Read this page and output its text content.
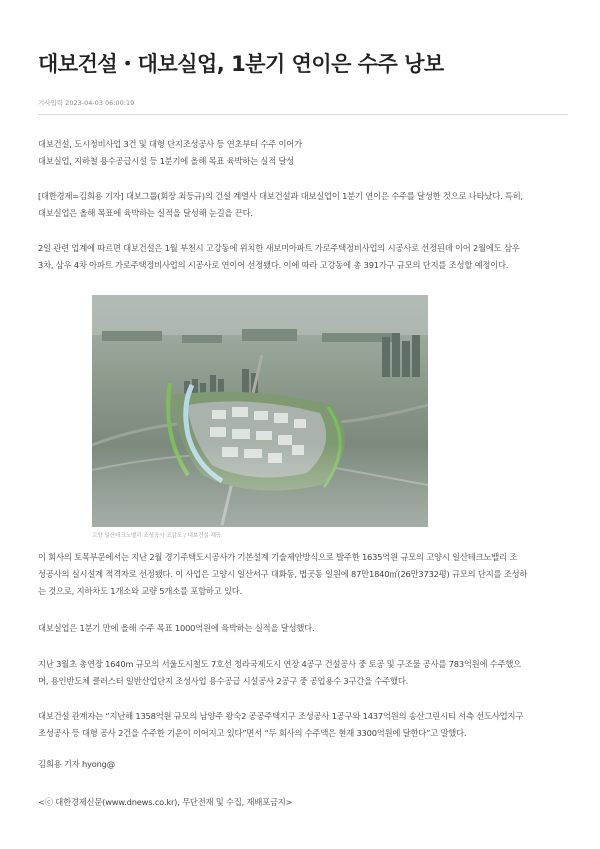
대보건설・대보실업, 1분기 연이은 수주 낭보
기사입력 2023-04-03 06:00:19
대보건설, 도시정비사업 3건 및 대형 단지조성공사 등 연초부터 수주 이어가
대보실업, 지하철 용수공급시설 등 1분기에 올해 목표 육박하는 실적 달성
[대한경제=김희용 기자] 대보그룹(회장 최등규)의 건설 계열사 대보건설과 대보실업이 1분기 연이은 수주를 달성한 것으로 나타났다. 특히,
대보실업은 올해 목표에 육박하는 실적을 달성해 눈길을 끈다.
2일 관련 업계에 따르면 대보건설은 1월 부천시 고강동에 위치한 새보미아파트 가로주택정비사업의 시공사로 선정된데 이어 2월에도 삼우
3차, 삼우 4차 아파트 가로주택정비사업의 시공사로 연이어 선정됐다. 이에 따라 고강동에 총 391가구 규모의 단지를 조성할 예정이다.
고양 일산테크노밸리 조성공사 조감도 / 대보건설 제공
이 회사의 토목부문에서는 지난 2월 경기주택도시공사가 기본설계 기술제안방식으로 발주한 1635억원 규모의 고양시 일산테크노밸리 조
성공사의 실시설계 적격자로 선정됐다. 이 사업은 고양시 일산서구 대화동, 법곳동 일원에 87만1840㎡(26만3732평) 규모의 단지를 조성하
는 것으로, 지하차도 1개소와 교량 5개소를 포함하고 있다.
대보실업은 1분기 만에 올해 수주 목표 1000억원에 육박하는 실적을 달성했다.
지난 3월초 총연장 1640m 규모의 서울도시철도 7호선 청라국제도시 연장 4공구 건설공사 중 토공 및 구조물 공사를 783억원에 수주했으
며, 용인반도체 클러스터 일반산업단지 조성사업 용수공급 시설공사 2공구 중 공업용수 3구간을 수주했다.
대보건설 관계자는 “지난해 1358억원 규모의 남양주 왕숙2 공공주택지구 조성공사 1공구와 1437억원의 송산그린시티 서측 선도사업지구
조성공사 등 대형 공사 2건을 수주한 기운이 이어지고 있다”면서 “두 회사의 수주액은 현재 3300억원에 달한다”고 말했다.
김희용 기자 hyong@
<ⓒ 대한경제신문(www.dnews.co.kr), 무단전재 및 수집, 재배포금지>
